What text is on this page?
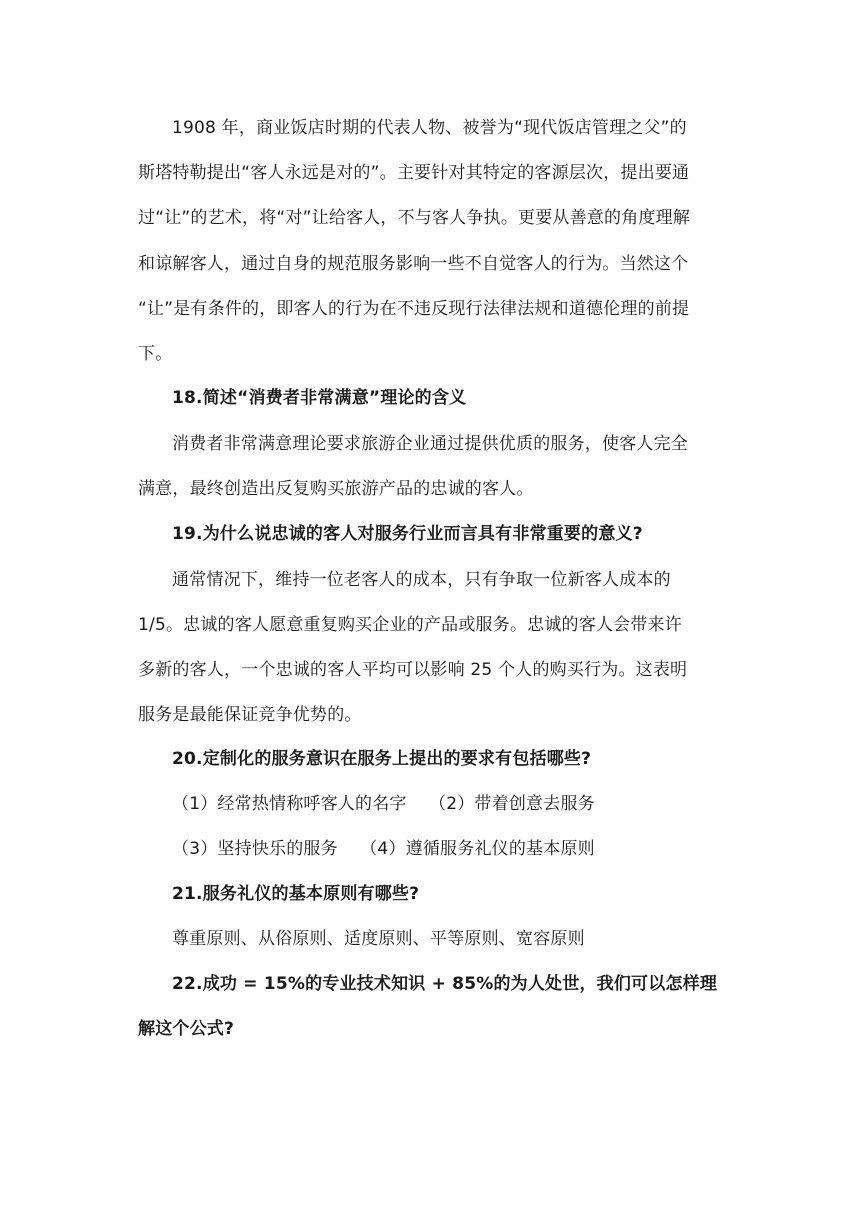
1908 年，商业饭店时期的代表人物、被誉为“现代饭店管理之父”的
斯塔特勒提出“客人永远是对的”。主要针对其特定的客源层次，提出要通
过“让”的艺术，将“对”让给客人，不与客人争执。更要从善意的角度理解
和谅解客人，通过自身的规范服务影响一些不自觉客人的行为。当然这个
“让”是有条件的，即客人的行为在不违反现行法律法规和道德伦理的前提
下。
18.简述“消费者非常满意”理论的含义
消费者非常满意理论要求旅游企业通过提供优质的服务，使客人完全
满意，最终创造出反复购买旅游产品的忠诚的客人。
19.为什么说忠诚的客人对服务行业而言具有非常重要的意义?
通常情况下，维持一位老客人的成本，只有争取一位新客人成本的
1/5。忠诚的客人愿意重复购买企业的产品或服务。忠诚的客人会带来许
多新的客人，一个忠诚的客人平均可以影响 25 个人的购买行为。这表明
服务是最能保证竞争优势的。
20.定制化的服务意识在服务上提出的要求有包括哪些?
（1）经常热情称呼客人的名字    （2）带着创意去服务
（3）坚持快乐的服务    （4）遵循服务礼仪的基本原则
21.服务礼仪的基本原则有哪些?
尊重原则、从俗原则、适度原则、平等原则、宽容原则
22.成功 = 15%的专业技术知识 + 85%的为人处世，我们可以怎样理
解这个公式?
